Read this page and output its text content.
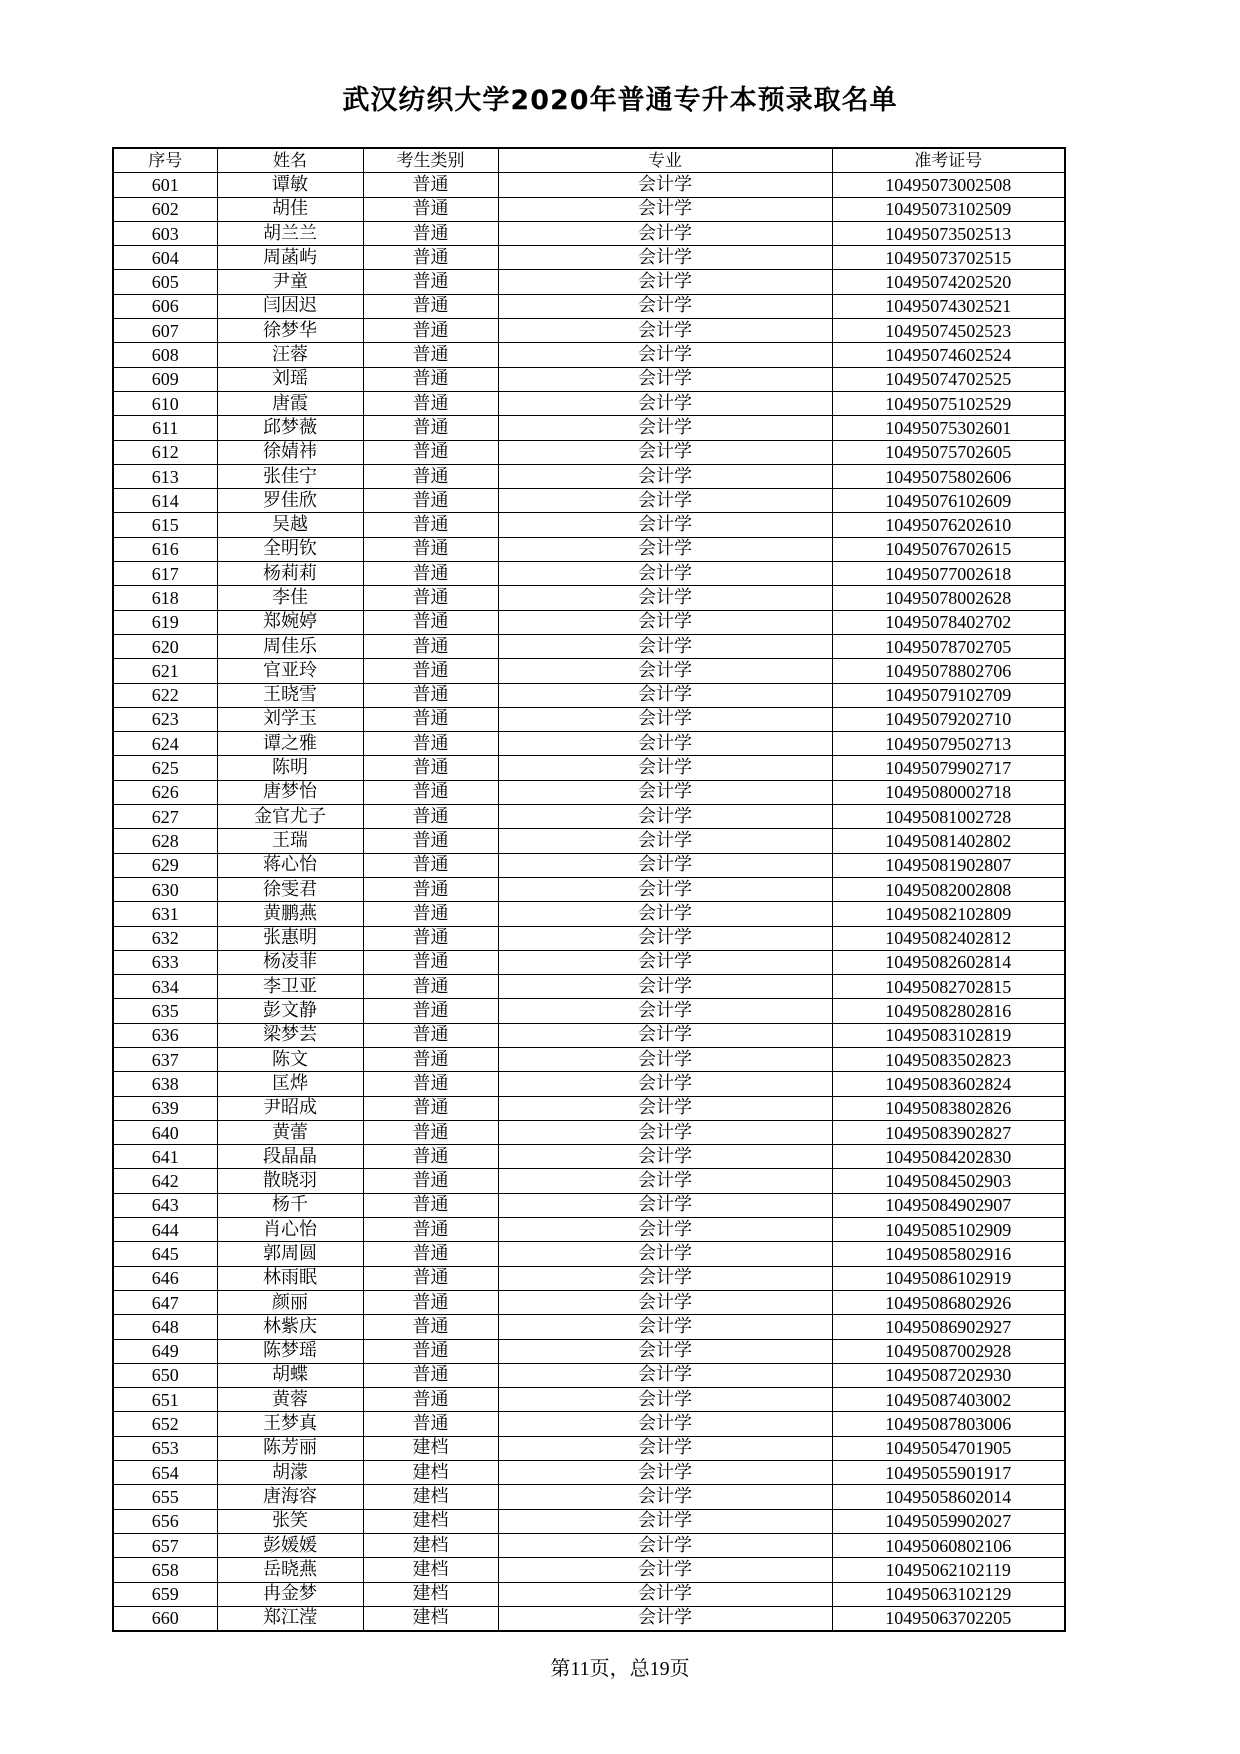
武汉纺织大学2020年普通专升本预录取名单
序号	姓名	考生类别	专业	准考证号
601	谭敏	普通	会计学	10495073002508
602	胡佳	普通	会计学	10495073102509
603	胡兰兰	普通	会计学	10495073502513
604	周菡屿	普通	会计学	10495073702515
605	尹童	普通	会计学	10495074202520
606	闫因迟	普通	会计学	10495074302521
607	徐梦华	普通	会计学	10495074502523
608	汪蓉	普通	会计学	10495074602524
609	刘瑶	普通	会计学	10495074702525
610	唐霞	普通	会计学	10495075102529
611	邱梦薇	普通	会计学	10495075302601
612	徐婧祎	普通	会计学	10495075702605
613	张佳宁	普通	会计学	10495075802606
614	罗佳欣	普通	会计学	10495076102609
615	吴越	普通	会计学	10495076202610
616	全明钦	普通	会计学	10495076702615
617	杨莉莉	普通	会计学	10495077002618
618	李佳	普通	会计学	10495078002628
619	郑婉婷	普通	会计学	10495078402702
620	周佳乐	普通	会计学	10495078702705
621	官亚玲	普通	会计学	10495078802706
622	王晓雪	普通	会计学	10495079102709
623	刘学玉	普通	会计学	10495079202710
624	谭之雅	普通	会计学	10495079502713
625	陈明	普通	会计学	10495079902717
626	唐梦怡	普通	会计学	10495080002718
627	金官尤子	普通	会计学	10495081002728
628	王瑞	普通	会计学	10495081402802
629	蒋心怡	普通	会计学	10495081902807
630	徐雯君	普通	会计学	10495082002808
631	黄鹏燕	普通	会计学	10495082102809
632	张惠明	普通	会计学	10495082402812
633	杨凌菲	普通	会计学	10495082602814
634	李卫亚	普通	会计学	10495082702815
635	彭文静	普通	会计学	10495082802816
636	梁梦芸	普通	会计学	10495083102819
637	陈文	普通	会计学	10495083502823
638	匡烨	普通	会计学	10495083602824
639	尹昭成	普通	会计学	10495083802826
640	黄蕾	普通	会计学	10495083902827
641	段晶晶	普通	会计学	10495084202830
642	散晓羽	普通	会计学	10495084502903
643	杨千	普通	会计学	10495084902907
644	肖心怡	普通	会计学	10495085102909
645	郭周圆	普通	会计学	10495085802916
646	林雨眠	普通	会计学	10495086102919
647	颜丽	普通	会计学	10495086802926
648	林紫庆	普通	会计学	10495086902927
649	陈梦瑶	普通	会计学	10495087002928
650	胡蝶	普通	会计学	10495087202930
651	黄蓉	普通	会计学	10495087403002
652	王梦真	普通	会计学	10495087803006
653	陈芳丽	建档	会计学	10495054701905
654	胡濛	建档	会计学	10495055901917
655	唐海容	建档	会计学	10495058602014
656	张笑	建档	会计学	10495059902027
657	彭媛媛	建档	会计学	10495060802106
658	岳晓燕	建档	会计学	10495062102119
659	冉金梦	建档	会计学	10495063102129
660	郑江滢	建档	会计学	10495063702205
第11页，总19页
